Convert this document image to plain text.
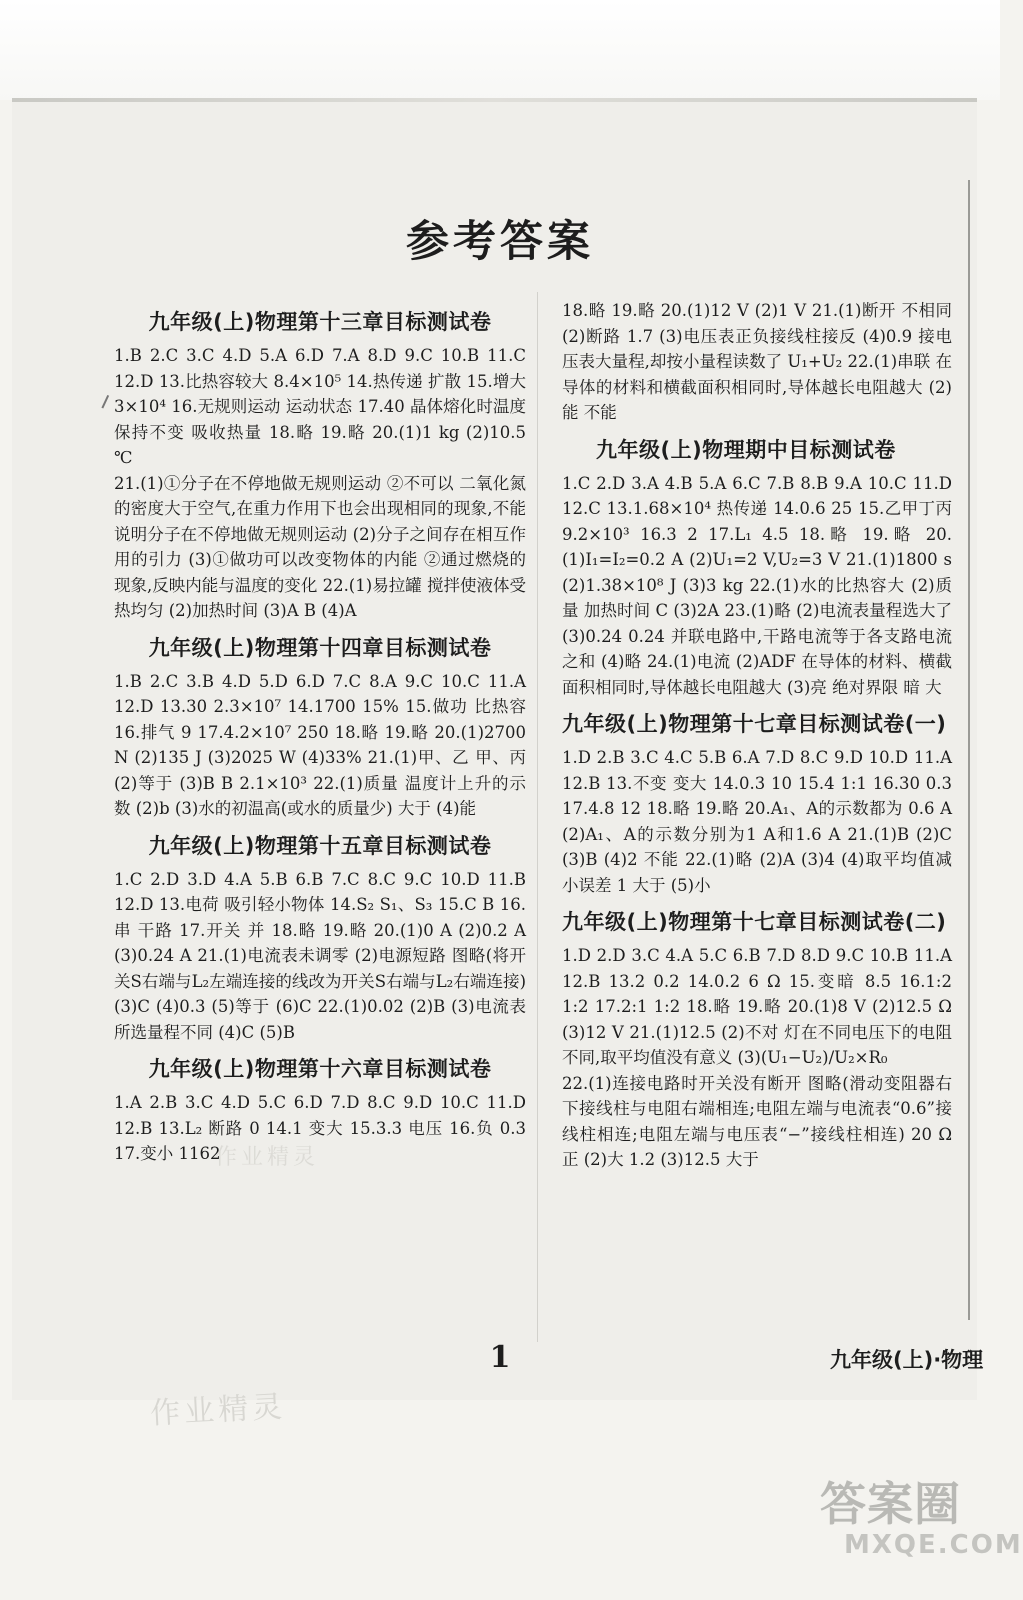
参考答案
九年级(上)物理第十三章目标测试卷

1.B 2.C 3.C 4.D 5.A 6.D 7.A 8.D 9.C 10.B 11.C 12.D 13.比热容较大 8.4×10⁵ 14.热传递 扩散 15.增大 3×10⁴ 16.无规则运动 运动状态 17.40 晶体熔化时温度保持不变 吸收热量 18.略 19.略 20.(1)1 kg (2)10.5 ℃

21.(1)①分子在不停地做无规则运动 ②不可以 二氧化氮的密度大于空气,在重力作用下也会出现相同的现象,不能说明分子在不停地做无规则运动 (2)分子之间存在相互作用的引力 (3)①做功可以改变物体的内能 ②通过燃烧的现象,反映内能与温度的变化 22.(1)易拉罐 搅拌使液体受热均匀 (2)加热时间 (3)A B (4)A

九年级(上)物理第十四章目标测试卷

1.B 2.C 3.B 4.D 5.D 6.D 7.C 8.A 9.C 10.C 11.A 12.D 13.30 2.3×10⁷ 14.1700 15% 15.做功 比热容 16.排气 9 17.4.2×10⁷ 250 18.略 19.略 20.(1)2700 N (2)135 J (3)2025 W (4)33% 21.(1)甲、乙 甲、丙 (2)等于 (3)B B 2.1×10³ 22.(1)质量 温度计上升的示数 (2)b (3)水的初温高(或水的质量少) 大于 (4)能

九年级(上)物理第十五章目标测试卷

1.C 2.D 3.D 4.A 5.B 6.B 7.C 8.C 9.C 10.D 11.B 12.D 13.电荷 吸引轻小物体 14.S₂ S₁、S₃ 15.C B 16.串 干路 17.开关 并 18.略 19.略 20.(1)0 A (2)0.2 A (3)0.24 A 21.(1)电流表未调零 (2)电源短路 图略(将开关S右端与L₂左端连接的线改为开关S右端与L₂右端连接) (3)C (4)0.3 (5)等于 (6)C 22.(1)0.02 (2)B (3)电流表所选量程不同 (4)C (5)B

九年级(上)物理第十六章目标测试卷

1.A 2.B 3.C 4.D 5.C 6.D 7.D 8.C 9.D 10.C 11.D 12.B 13.L₂ 断路 0 14.1 变大 15.3.3 电压 16.负 0.3 17.变小 1162

18.略 19.略 20.(1)12 V (2)1 V 21.(1)断开 不相同 (2)断路 1.7 (3)电压表正负接线柱接反 (4)0.9 接电压表大量程,却按小量程读数了 U₁+U₂ 22.(1)串联 在导体的材料和横截面积相同时,导体越长电阻越大 (2)能 不能

九年级(上)物理期中目标测试卷

1.C 2.D 3.A 4.B 5.A 6.C 7.B 8.B 9.A 10.C 11.D 12.C 13.1.68×10⁴ 热传递 14.0.6 25 15.乙甲丁丙 9.2×10³ 16.3 2 17.L₁ 4.5 18.略 19.略 20.(1)I₁=I₂=0.2 A (2)U₁=2 V,U₂=3 V 21.(1)1800 s (2)1.38×10⁸ J (3)3 kg 22.(1)水的比热容大 (2)质量 加热时间 C (3)2A 23.(1)略 (2)电流表量程选大了 (3)0.24 0.24 并联电路中,干路电流等于各支路电流之和 (4)略 24.(1)电流 (2)ADF 在导体的材料、横截面积相同时,导体越长电阻越大 (3)亮 绝对界限 暗 大

九年级(上)物理第十七章目标测试卷(一)

1.D 2.B 3.C 4.C 5.B 6.A 7.D 8.C 9.D 10.D 11.A 12.B 13.不变 变大 14.0.3 10 15.4 1:1 16.30 0.3 17.4.8 12 18.略 19.略 20.A₁、A的示数都为 0.6 A (2)A₁、A的示数分别为1 A和1.6 A 21.(1)B (2)C (3)B (4)2 不能 22.(1)略 (2)A (3)4 (4)取平均值减小误差 1 大于 (5)小

九年级(上)物理第十七章目标测试卷(二)

1.D 2.D 3.C 4.A 5.C 6.B 7.D 8.D 9.C 10.B 11.A 12.B 13.2 0.2 14.0.2 6 Ω 15.变暗 8.5 16.1:2 1:2 17.2:1 1:2 18.略 19.略 20.(1)8 V (2)12.5 Ω (3)12 V 21.(1)12.5 (2)不对 灯在不同电压下的电阻不同,取平均值没有意义 (3)(U₁−U₂)/U₂×R₀

22.(1)连接电路时开关没有断开 图略(滑动变阻器右下接线柱与电阻右端相连;电阻左端与电流表“0.6”接线柱相连;电阻左端与电压表“−”接线柱相连) 20 Ω 正 (2)大 1.2 (3)12.5 大于

作业精灵
1	九年级(上)·物理
作业精灵
答案圈
MXQE.COM
